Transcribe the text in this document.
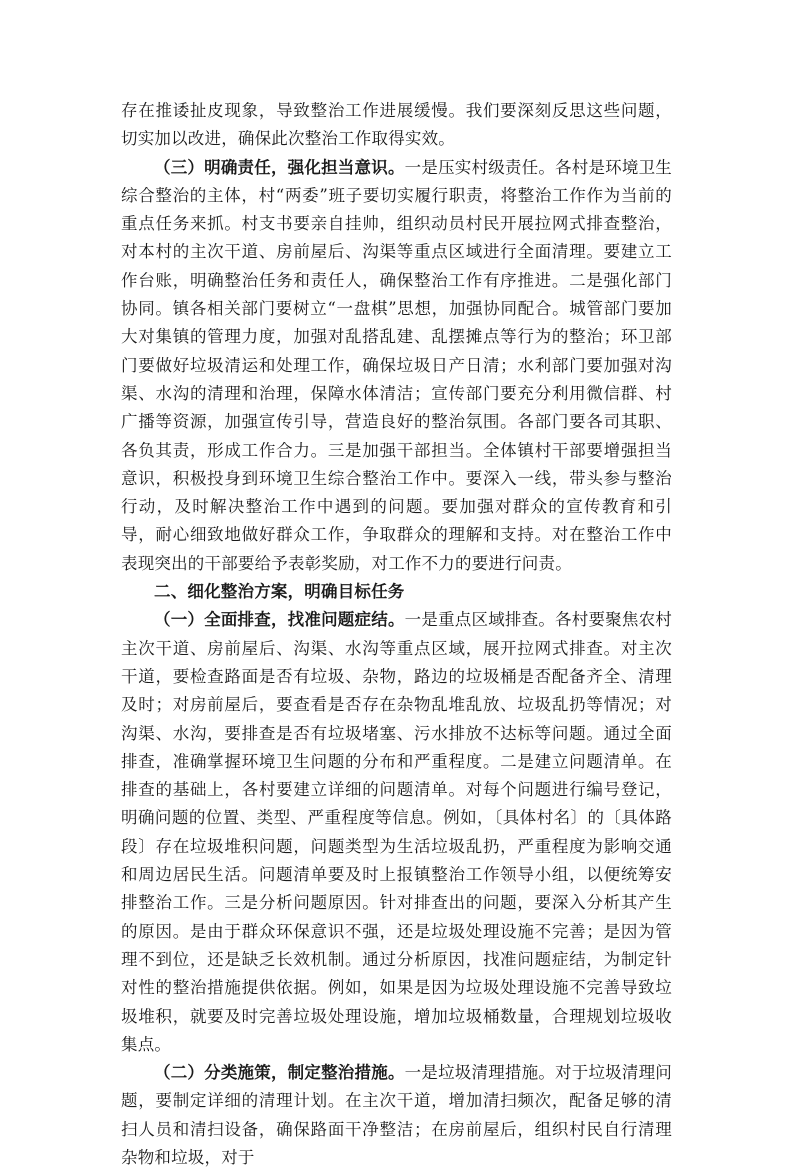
存在推诿扯皮现象，导致整治工作进展缓慢。我们要深刻反思这些问题，切实加以改进，确保此次整治工作取得实效。

（三）明确责任，强化担当意识。一是压实村级责任。各村是环境卫生综合整治的主体，村“两委”班子要切实履行职责，将整治工作作为当前的重点任务来抓。村支书要亲自挂帅，组织动员村民开展拉网式排查整治，对本村的主次干道、房前屋后、沟渠等重点区域进行全面清理。要建立工作台账，明确整治任务和责任人，确保整治工作有序推进。二是强化部门协同。镇各相关部门要树立“一盘棋”思想，加强协同配合。城管部门要加大对集镇的管理力度，加强对乱搭乱建、乱摆摊点等行为的整治；环卫部门要做好垃圾清运和处理工作，确保垃圾日产日清；水利部门要加强对沟渠、水沟的清理和治理，保障水体清洁；宣传部门要充分利用微信群、村广播等资源，加强宣传引导，营造良好的整治氛围。各部门要各司其职、各负其责，形成工作合力。三是加强干部担当。全体镇村干部要增强担当意识，积极投身到环境卫生综合整治工作中。要深入一线，带头参与整治行动，及时解决整治工作中遇到的问题。要加强对群众的宣传教育和引导，耐心细致地做好群众工作，争取群众的理解和支持。对在整治工作中表现突出的干部要给予表彰奖励，对工作不力的要进行问责。

二、细化整治方案，明确目标任务

（一）全面排查，找准问题症结。一是重点区域排查。各村要聚焦农村主次干道、房前屋后、沟渠、水沟等重点区域，展开拉网式排查。对主次干道，要检查路面是否有垃圾、杂物，路边的垃圾桶是否配备齐全、清理及时；对房前屋后，要查看是否存在杂物乱堆乱放、垃圾乱扔等情况；对沟渠、水沟，要排查是否有垃圾堵塞、污水排放不达标等问题。通过全面排查，准确掌握环境卫生问题的分布和严重程度。二是建立问题清单。在排查的基础上，各村要建立详细的问题清单。对每个问题进行编号登记，明确问题的位置、类型、严重程度等信息。例如，〔具体村名〕的〔具体路段〕存在垃圾堆积问题，问题类型为生活垃圾乱扔，严重程度为影响交通和周边居民生活。问题清单要及时上报镇整治工作领导小组，以便统筹安排整治工作。三是分析问题原因。针对排查出的问题，要深入分析其产生的原因。是由于群众环保意识不强，还是垃圾处理设施不完善；是因为管理不到位，还是缺乏长效机制。通过分析原因，找准问题症结，为制定针对性的整治措施提供依据。例如，如果是因为垃圾处理设施不完善导致垃圾堆积，就要及时完善垃圾处理设施，增加垃圾桶数量，合理规划垃圾收集点。

（二）分类施策，制定整治措施。一是垃圾清理措施。对于垃圾清理问题，要制定详细的清理计划。在主次干道，增加清扫频次，配备足够的清扫人员和清扫设备，确保路面干净整洁；在房前屋后，组织村民自行清理杂物和垃圾，对于
